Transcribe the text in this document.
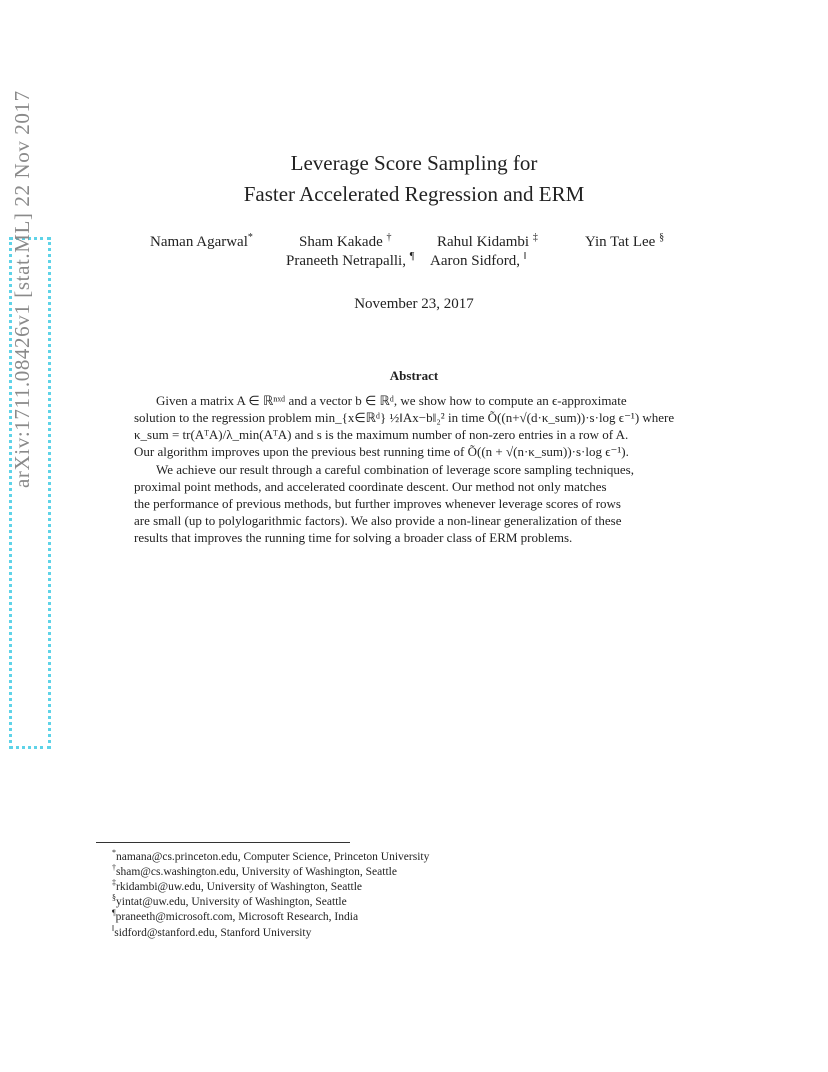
arXiv:1711.08426v1 [stat.ML] 22 Nov 2017	Leverage Score Sampling for
Faster Accelerated Regression and ERM
Naman Agarwal*	Sham Kakade †	Rahul Kidambi ‡	Yin Tat Lee §
Praneeth Netrapalli, ¶ Aaron Sidford, ‖
November 23, 2017
Abstract
Given a matrix A ∈ ℝⁿˣᵈ and a vector b ∈ ℝᵈ, we show how to compute an ϵ-approximate
solution to the regression problem min_{x∈ℝᵈ} ½‖Ax−b‖₂² in time Õ((n+√(d·κ_sum))·s·log ϵ⁻¹) where
κ_sum = tr(AᵀA)/λ_min(AᵀA) and s is the maximum number of non-zero entries in a row of A.
Our algorithm improves upon the previous best running time of Õ((n + √(n·κ_sum))·s·log ϵ⁻¹).
We achieve our result through a careful combination of leverage score sampling techniques,
proximal point methods, and accelerated coordinate descent. Our method not only matches
the performance of previous methods, but further improves whenever leverage scores of rows
are small (up to polylogarithmic factors). We also provide a non-linear generalization of these
results that improves the running time for solving a broader class of ERM problems.
*namana@cs.princeton.edu, Computer Science, Princeton University
†sham@cs.washington.edu, University of Washington, Seattle
‡rkidambi@uw.edu, University of Washington, Seattle
§yintat@uw.edu, University of Washington, Seattle
¶praneeth@microsoft.com, Microsoft Research, India
‖sidford@stanford.edu, Stanford University
